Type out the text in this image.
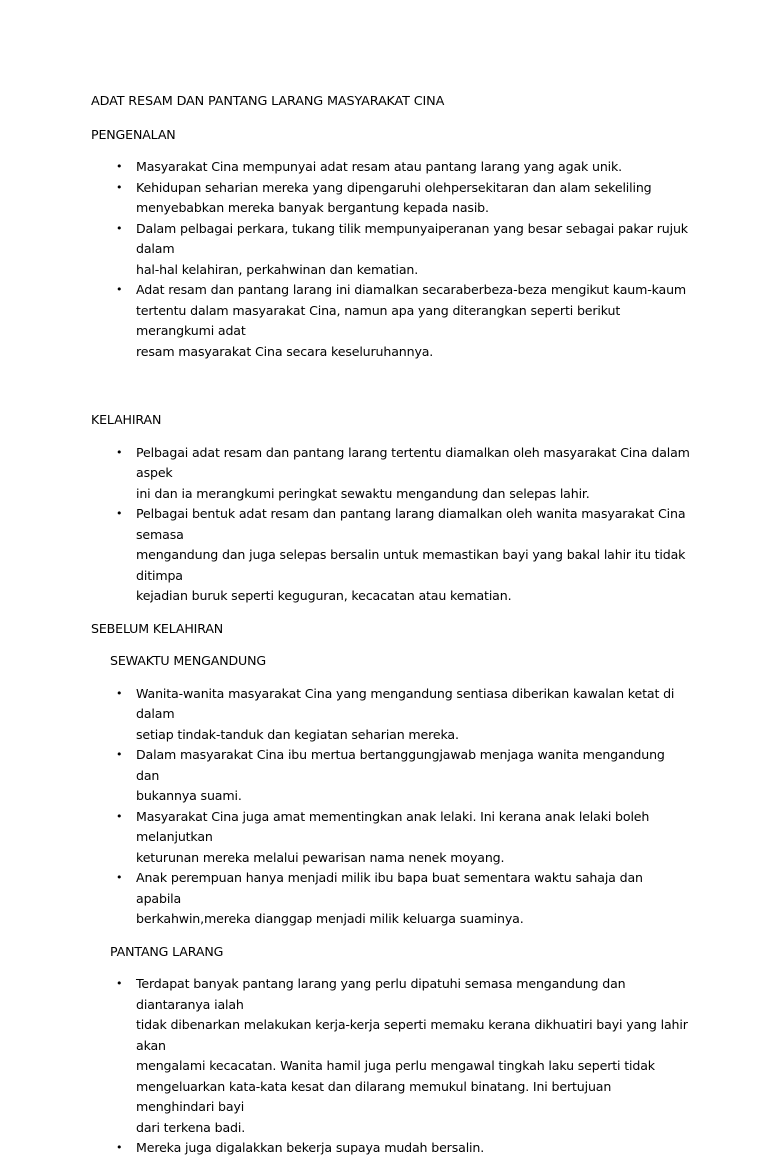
ADAT RESAM DAN PANTANG LARANG MASYARAKAT CINA
PENGENALAN
• Masyarakat Cina mempunyai adat resam atau pantang larang yang agak unik.
• Kehidupan seharian mereka yang dipengaruhi olehpersekitaran dan alam sekeliling
menyebabkan mereka banyak bergantung kepada nasib.
• Dalam pelbagai perkara, tukang tilik mempunyaiperanan yang besar sebagai pakar rujuk dalam
hal-hal kelahiran, perkahwinan dan kematian.
• Adat resam dan pantang larang ini diamalkan secaraberbeza-beza mengikut kaum-kaum
tertentu dalam masyarakat Cina, namun apa yang diterangkan seperti berikut merangkumi adat
resam masyarakat Cina secara keseluruhannya.
KELAHIRAN
• Pelbagai adat resam dan pantang larang tertentu diamalkan oleh masyarakat Cina dalam aspek
ini dan ia merangkumi peringkat sewaktu mengandung dan selepas lahir.
• Pelbagai bentuk adat resam dan pantang larang diamalkan oleh wanita masyarakat Cina semasa
mengandung dan juga selepas bersalin untuk memastikan bayi yang bakal lahir itu tidak ditimpa
kejadian buruk seperti keguguran, kecacatan atau kematian.
SEBELUM KELAHIRAN
SEWAKTU MENGANDUNG
• Wanita-wanita masyarakat Cina yang mengandung sentiasa diberikan kawalan ketat di dalam
setiap tindak-tanduk dan kegiatan seharian mereka.
• Dalam masyarakat Cina ibu mertua bertanggungjawab menjaga wanita mengandung dan
bukannya suami.
• Masyarakat Cina juga amat mementingkan anak lelaki. Ini kerana anak lelaki boleh melanjutkan
keturunan mereka melalui pewarisan nama nenek moyang.
• Anak perempuan hanya menjadi milik ibu bapa buat sementara waktu sahaja dan apabila
berkahwin,mereka dianggap menjadi milik keluarga suaminya.
PANTANG LARANG
• Terdapat banyak pantang larang yang perlu dipatuhi semasa mengandung dan diantaranya ialah
tidak dibenarkan melakukan kerja-kerja seperti memaku kerana dikhuatiri bayi yang lahir akan
mengalami kecacatan. Wanita hamil juga perlu mengawal tingkah laku seperti tidak
mengeluarkan kata-kata kesat dan dilarang memukul binatang. Ini bertujuan menghindari bayi
dari terkena badi.
• Mereka juga digalakkan bekerja supaya mudah bersalin.
